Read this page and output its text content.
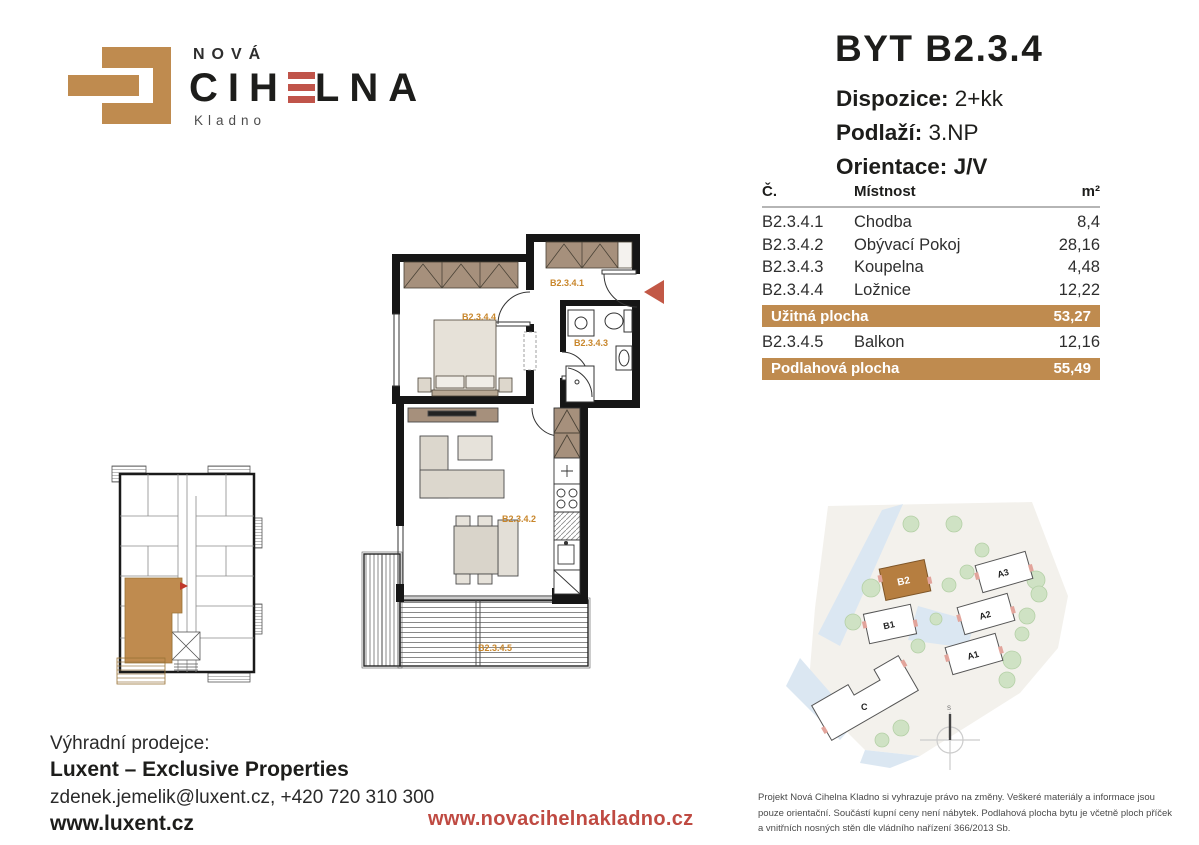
NOVÁ
CIH LNA
Kladno
BYT B2.3.4
Dispozice: 2+kk
Podlaží: 3.NP
Orientace: J/V
Č.	Místnost	m²
B2.3.4.1	Chodba	8,4
B2.3.4.2	Obývací Pokoj	28,16
B2.3.4.3	Koupelna	4,48
B2.3.4.4	Ložnice	12,22
Užitná plocha	53,27
B2.3.4.5	Balkon	12,16
Podlahová plocha	55,49
B2.3.4.1
B2.3.4.4
B2.3.4.3
B2.3.4.2
B2.3.4.5
B2
B1
A3
A2
A1
C	S
Výhradní prodejce:
Luxent – Exclusive Properties
zdenek.jemelik@luxent.cz, +420 720 310 300
www.luxent.cz	www.novacihelnakladno.cz
Projekt Nová Cihelna Kladno si vyhrazuje právo na změny. Veškeré materiály a informace jsou pouze orientační. Součástí kupní ceny není nábytek. Podlahová plocha bytu je včetně ploch příček a vnitřních nosných stěn dle vládního nařízení 366/2013 Sb.
